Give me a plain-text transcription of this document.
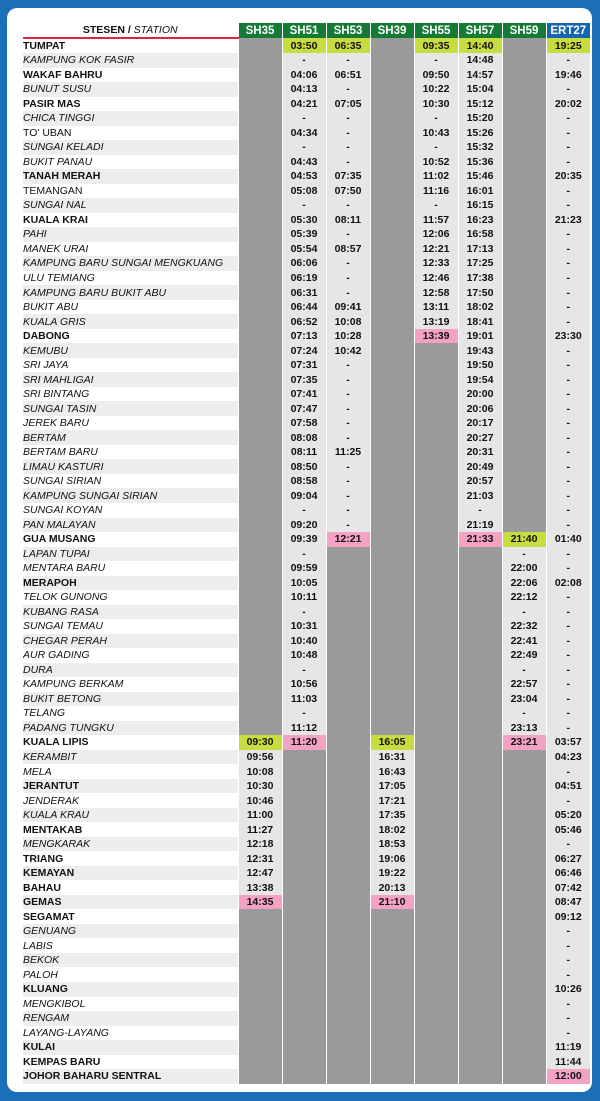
STESEN / STATION	SH35	SH51	SH53	SH39	SH55	SH57	SH59	ERT27
TUMPAT		03:50	06:35		09:35	14:40		19:25
KAMPUNG KOK FASIR		-	-		-	14:48		-
WAKAF BAHRU		04:06	06:51		09:50	14:57		19:46
BUNUT SUSU		04:13	-		10:22	15:04		-
PASIR MAS		04:21	07:05		10:30	15:12		20:02
CHICA TINGGI		-	-		-	15:20		-
TO' UBAN		04:34	-		10:43	15:26		-
SUNGAI KELADI		-	-		-	15:32		-
BUKIT PANAU		04:43	-		10:52	15:36		-
TANAH MERAH		04:53	07:35		11:02	15:46		20:35
TEMANGAN		05:08	07:50		11:16	16:01		-
SUNGAI NAL		-	-		-	16:15		-
KUALA KRAI		05:30	08:11		11:57	16:23		21:23
PAHI		05:39	-		12:06	16:58		-
MANEK URAI		05:54	08:57		12:21	17:13		-
KAMPUNG BARU SUNGAI MENGKUANG		06:06	-		12:33	17:25		-
ULU TEMIANG		06:19	-		12:46	17:38		-
KAMPUNG BARU BUKIT ABU		06:31	-		12:58	17:50		-
BUKIT ABU		06:44	09:41		13:11	18:02		-
KUALA GRIS		06:52	10:08		13:19	18:41		-
DABONG		07:13	10:28		13:39	19:01		23:30
KEMUBU		07:24	10:42			19:43		-
SRI JAYA		07:31	-			19:50		-
SRI MAHLIGAI		07:35	-			19:54		-
SRI BINTANG		07:41	-			20:00		-
SUNGAI TASIN		07:47	-			20:06		-
JEREK BARU		07:58	-			20:17		-
BERTAM		08:08	-			20:27		-
BERTAM BARU		08:11	11:25			20:31		-
LIMAU KASTURI		08:50	-			20:49		-
SUNGAI SIRIAN		08:58	-			20:57		-
KAMPUNG SUNGAI SIRIAN		09:04	-			21:03		-
SUNGAI KOYAN		-	-			-		-
PAN MALAYAN		09:20	-			21:19		-
GUA MUSANG		09:39	12:21			21:33	21:40	01:40
LAPAN TUPAI		-					-	-
MENTARA BARU		09:59					22:00	-
MERAPOH		10:05					22:06	02:08
TELOK GUNONG		10:11					22:12	-
KUBANG RASA		-					-	-
SUNGAI TEMAU		10:31					22:32	-
CHEGAR PERAH		10:40					22:41	-
AUR GADING		10:48					22:49	-
DURA		-					-	-
KAMPUNG BERKAM		10:56					22:57	-
BUKIT BETONG		11:03					23:04	-
TELANG		-					-	-
PADANG TUNGKU		11:12					23:13	-
KUALA LIPIS	09:30	11:20		16:05			23:21	03:57
KERAMBIT	09:56			16:31				04:23
MELA	10:08			16:43				-
JERANTUT	10:30			17:05				04:51
JENDERAK	10:46			17:21				-
KUALA KRAU	11:00			17:35				05:20
MENTAKAB	11:27			18:02				05:46
MENGKARAK	12:18			18:53				-
TRIANG	12:31			19:06				06:27
KEMAYAN	12:47			19:22				06:46
BAHAU	13:38			20:13				07:42
GEMAS	14:35			21:10				08:47
SEGAMAT								09:12
GENUANG								-
LABIS								-
BEKOK								-
PALOH								-
KLUANG								10:26
MENGKIBOL								-
RENGAM								-
LAYANG-LAYANG								-
KULAI								11:19
KEMPAS BARU								11:44
JOHOR BAHARU SENTRAL								12:00
